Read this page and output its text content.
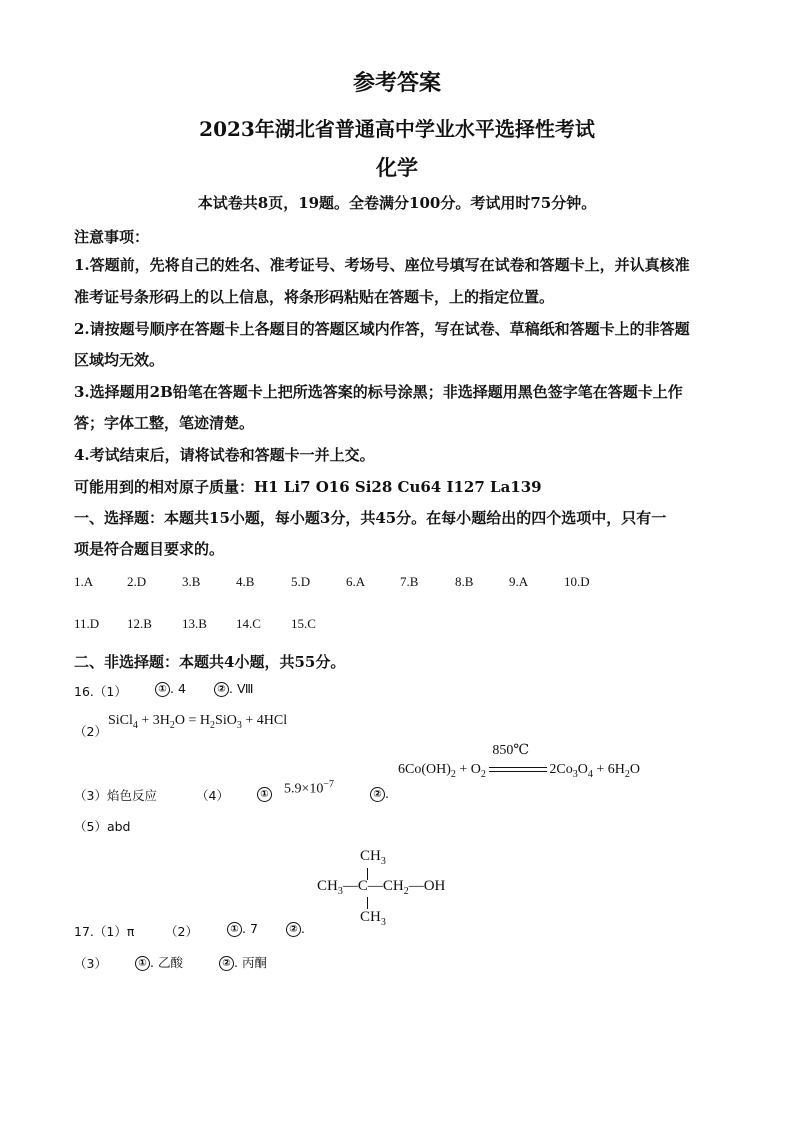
参考答案
2023年湖北省普通高中学业水平选择性考试
化学
本试卷共8页，19题。全卷满分100分。考试用时75分钟。
注意事项：
1.答题前，先将自己的姓名、准考证号、考场号、座位号填写在试卷和答题卡上，并认真核准
准考证号条形码上的以上信息，将条形码粘贴在答题卡，上的指定位置。
2.请按题号顺序在答题卡上各题目的答题区域内作答，写在试卷、草稿纸和答题卡上的非答题
区域均无效。
3.选择题用2B铅笔在答题卡上把所选答案的标号涂黑；非选择题用黑色签字笔在答题卡上作
答；字体工整，笔迹清楚。
4.考试结束后，请将试卷和答题卡一并上交。
可能用到的相对原子质量：H1 Li7 O16 Si28 Cu64 I127 La139
一、选择题：本题共15小题，每小题3分，共45分。在每小题给出的四个选项中，只有一
项是符合题目要求的。
1.A	2.D	3.B	4.B	5.D	6.A	7.B	8.B	9.A	10.D
11.D 12.B 13.B 14.C 15.C
二、非选择题：本题共4小题，共55分。
16.（1）	① . 4	② . Ⅷ
（2）
SiCl$_4$ + $3H_2O = H_2SiO_3 + 4HCl$
（3）焰色反应	（4）	① $5.9\times 10^{-7}$
② .
$6Co(OH)_2 + O_2$
850℃
$2Co_3O_4 + 6H_2O$
（5）abd
$CH_3$
$CH_3—C—CH_2—OH$
$CH_3$
17.（1）π （2）	① . 7	② .
（3）	① . 乙酸	② . 丙酮
